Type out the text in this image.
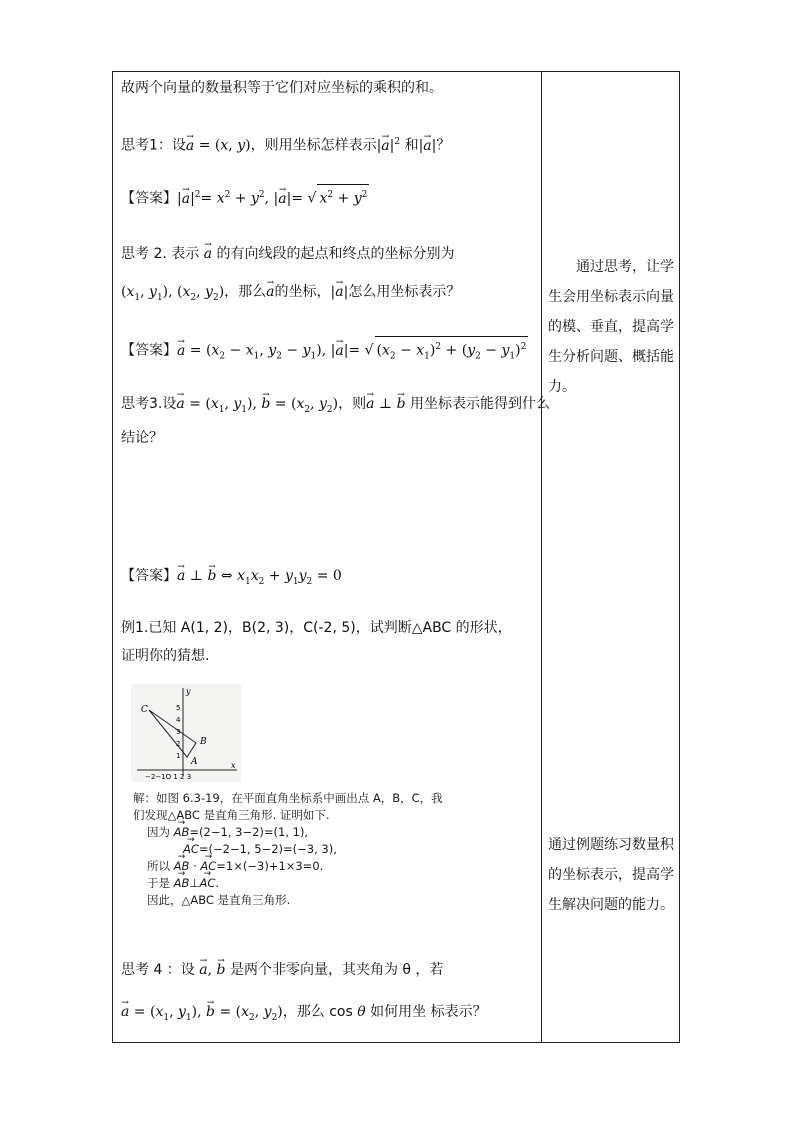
故两个向量的数量积等于它们对应坐标的乘积的和。
思考1：设→ a = (x, y)，则用坐标怎样表示|→ $a|^2$ 和|→ a|？
【答案】|→ $a|^2= x^2 + y^2$, |→ a|= √ $x^2 + y^2$
思考 2. 表示 → a 的有向线段的起点和终点的坐标分别为
($x_1$, $y_1$), ($x_2$, $y_2$)，那么→ a的坐标，|→ a|怎么用坐标表示？
【答案】→ $a = (x_2 - x_1$, $y_2 - y_1$), |→ a|= √ $(x_2 - x_1)^2 + (y_2 - y_1)^2$
思考3.设→ $a = (x_1$, $y_1$), → $b = (x_2$, $y_2$)，则→ a ⊥ → b 用坐标表示能得到什么
结论？
【答案】→ a ⊥ → b ⇔ $x_1x_2 + y_1y_2 = 0$
例1.已知 A(1, 2)，B(2, 3)，C(-2, 5)，试判断△ABC 的形状，
证明你的猜想.
C
A
B
y
x
5
4
3
2
1
−2−1O 1 2 3
解：如图 6.3-19，在平面直角坐标系中画出点 A，B，C，我
们发现△ABC 是直角三角形. 证明如下.
因为 → AB=(2−1, 3−2)=(1, 1),
→ AC=(−2−1, 5−2)=(−3, 3),
所以 → AB · → AC=1×(−3)+1×3=0.
于是 → AB⊥→ AC.
因此，△ABC 是直角三角形.
思考 4 ：设 → a, → b 是两个非零向量，其夹角为 θ ，若
→ $a = (x_1$, $y_1$), → $b = (x_2$, $y_2$)，那么 cos θ 如何用坐 标表示？
通过思考，让学生会用坐标表示向量的模、垂直，提高学生分析问题、概括能力。
通过例题练习数量积的坐标表示，提高学生解决问题的能力。
